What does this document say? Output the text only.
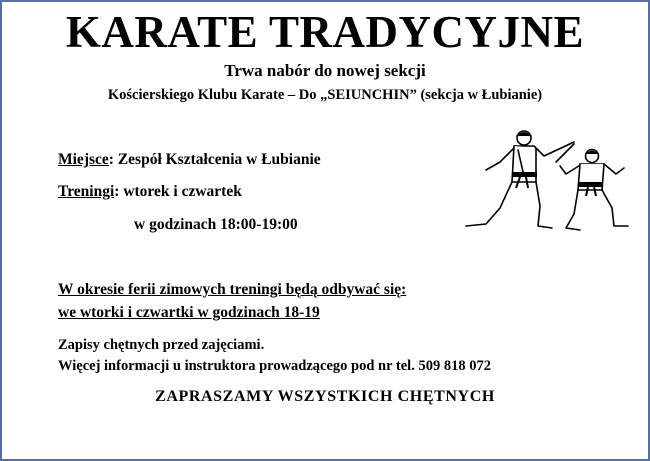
KARATE TRADYCYJNE
Trwa nabór do nowej sekcji
Kościerskiego Klubu Karate – Do „SEIUNCHIN” (sekcja w Łubianie)
Miejsce: Zespół Kształcenia w Łubianie
Treningi: wtorek i czwartek
w godzinach 18:00-19:00
W okresie ferii zimowych treningi będą odbywać się:
we wtorki i czwartki w godzinach 18-19
Zapisy chętnych przed zajęciami.
Więcej informacji u instruktora prowadzącego pod nr tel. 509 818 072
ZAPRASZAMY WSZYSTKICH CHĘTNYCH
